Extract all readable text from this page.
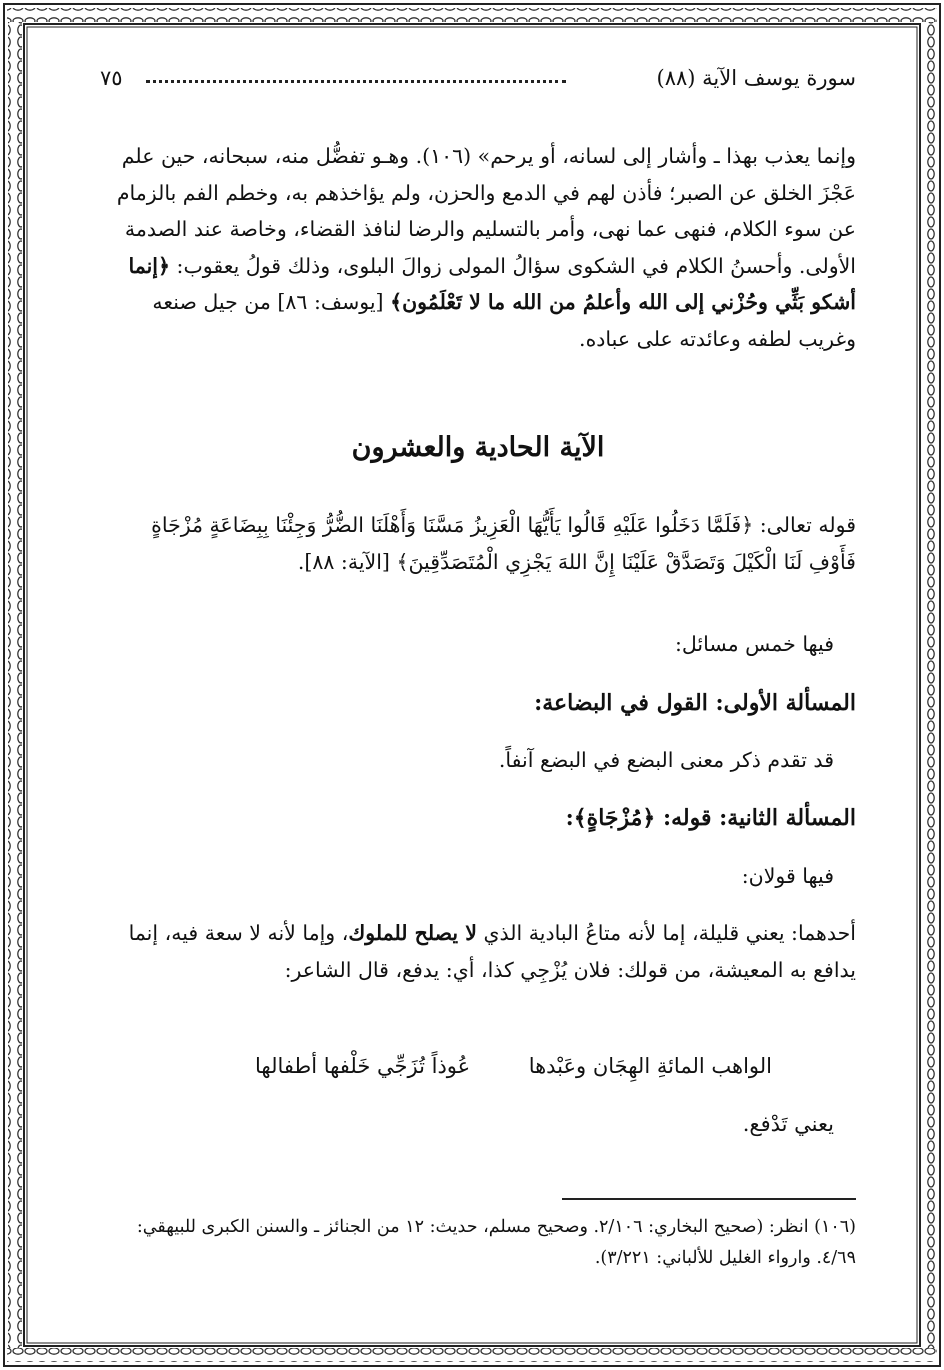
سورة يوسف الآية (٨٨)
٧٥

وإنما يعذب بهذا ـ وأشار إلى لسانه، أو يرحم» (١٠٦). وهـو تفضُّل منه، سبحانه، حين علم عَجْزَ الخلق عن الصبر؛ فأذن لهم في الدمع والحزن، ولم يؤاخذهم به، وخطم الفم بالزمام عن سوء الكلام، فنهى عما نهى، وأمر بالتسليم والرضا لنافذ القضاء، وخاصة عند الصدمة الأولى. وأحسنُ الكلام في الشكوى سؤالُ المولى زوالَ البلوى، وذلك قولُ يعقوب: ﴿إنما أشكو بَثِّي وحُزْني إلى الله وأعلمُ من الله ما لا تَعْلَمُون﴾ [يوسف: ٨٦] من جيل صنعه وغريب لطفه وعائدته على عباده.

الآية الحادية والعشرون

قوله تعالى: ﴿فَلَمَّا دَخَلُوا عَلَيْهِ قَالُوا يَأَيُّهَا الْعَزِيزُ مَسَّنَا وَأَهْلَنَا الضُّرُّ وَجِئْنَا بِبِضَاعَةٍ مُزْجَاةٍ فَأَوْفِ لَنَا الْكَيْلَ وَتَصَدَّقْ عَلَيْنَا إِنَّ اللهَ يَجْزِي الْمُتَصَدِّقِينَ﴾ [الآية: ٨٨].

فيها خمس مسائل:
المسألة الأولى: القول في البضاعة:
قد تقدم ذكر معنى البضع في البضع آنفاً.
المسألة الثانية: قوله: ﴿مُزْجَاةٍ﴾:
فيها قولان:

أحدهما: يعني قليلة، إما لأنه متاعُ البادية الذي لا يصلح للملوك، وإما لأنه لا سعة فيه، إنما يدافع به المعيشة، من قولك: فلان يُزْجِي كذا، أي: يدفع، قال الشاعر:

الواهب المائةِ الهِجَان وعَبْدها
عُوذاً تُزَجِّي خَلْفها أطفالها
يعني تَدْفع.

(١٠٦) انظر: (صحيح البخاري: ٢/١٠٦. وصحيح مسلم، حديث: ١٢ من الجنائز ـ والسنن الكبرى للبيهقي: ٤/٦٩. وارواء الغليل للألباني: ٣/٢٢١).
